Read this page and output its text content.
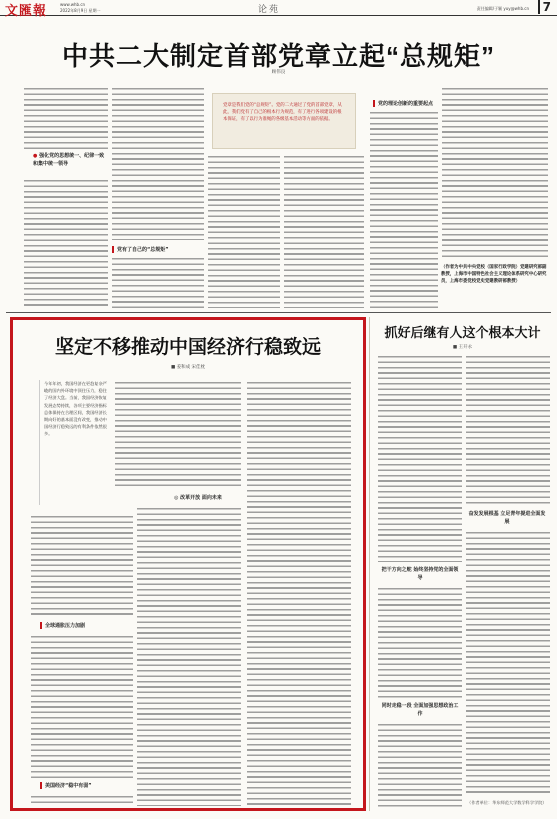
文匯報	www.whb.cn
2022年8月9日 星期一	论苑	责任编辑/于颖 yuy@whb.cn	7
中共二大制定首部党章立起“总规矩”
顾伟良
党章是我们党的“总规矩”。党的二大通过了党的首部党章，从此，我们党有了自己的根本行为规范，有了进行各项建设的根本保证，有了以行为准绳的各级基本活动等方面的依据。
● 强化党的思想统一、纪律一致和集中统一领导
党的理论创新的重要起点
党有了自己的“总规矩”
（作者为中共中央党校（国家行政学院）党建研究部副教授，上海市中国特色社会主义理论体系研究中心研究员，上海市委党校党史党建教研部教授）
坚定不移推动中国经济行稳致远
■ 姜和成 宋佳枕
今年年初，我国经济在更趋复杂严峻的国内外环境中顶住压力，稳住了经济大盘。当前，我国经济恢复发展态势持续，各项主要经济指标总体保持在合理区间，我国经济长期向好的基本面没有改变，推动中国经济行稳致远的有利条件依然很多。
全球通胀压力加剧
◎ 改革开放 面向未来
美国经济“稳中有弱”
抓好后继有人这个根本大计
■ 王开永
把干方向之舵 始终坚持党的全面领导
奋发发展根基 立足青年提进全面发展
同时走稳一段 全面加强思想政治工作
（作者单位：华东师范大学数学科学学院）
